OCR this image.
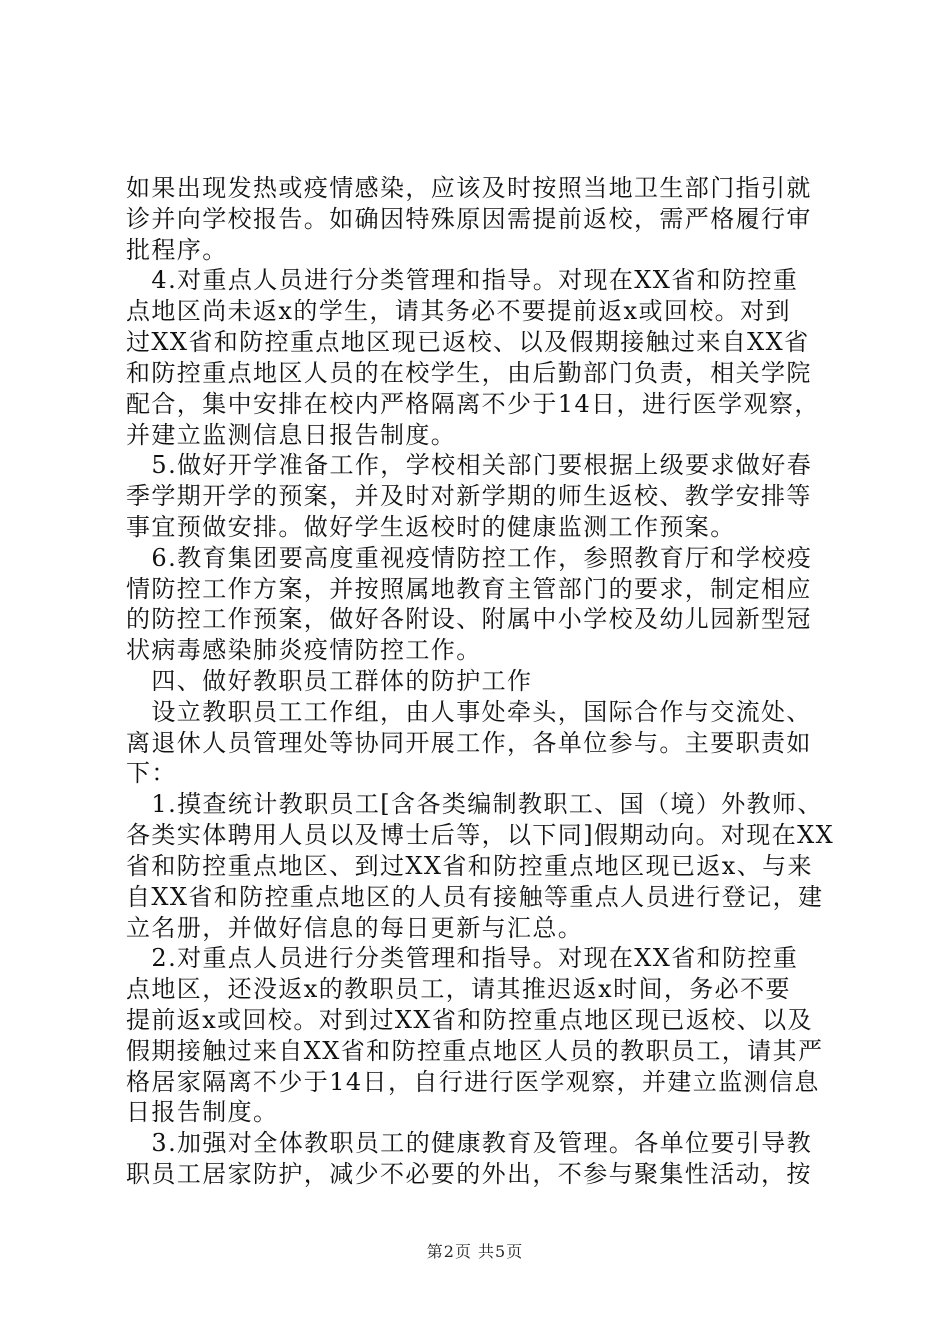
如果出现发热或疫情感染，应该及时按照当地卫生部门指引就
诊并向学校报告。如确因特殊原因需提前返校，需严格履行审
批程序。
　4.对重点人员进行分类管理和指导。对现在XX省和防控重
点地区尚未返x的学生，请其务必不要提前返x或回校。对到
过XX省和防控重点地区现已返校、以及假期接触过来自XX省
和防控重点地区人员的在校学生，由后勤部门负责，相关学院
配合，集中安排在校内严格隔离不少于14日，进行医学观察，
并建立监测信息日报告制度。
　5.做好开学准备工作，学校相关部门要根据上级要求做好春
季学期开学的预案，并及时对新学期的师生返校、教学安排等
事宜预做安排。做好学生返校时的健康监测工作预案。
　6.教育集团要高度重视疫情防控工作，参照教育厅和学校疫
情防控工作方案，并按照属地教育主管部门的要求，制定相应
的防控工作预案，做好各附设、附属中小学校及幼儿园新型冠
状病毒感染肺炎疫情防控工作。
　四、做好教职员工群体的防护工作
　设立教职员工工作组，由人事处牵头，国际合作与交流处、
离退休人员管理处等协同开展工作，各单位参与。主要职责如
下：
　1.摸查统计教职员工[含各类编制教职工、国（境）外教师、
各类实体聘用人员以及博士后等，以下同]假期动向。对现在XX
省和防控重点地区、到过XX省和防控重点地区现已返x、与来
自XX省和防控重点地区的人员有接触等重点人员进行登记，建
立名册，并做好信息的每日更新与汇总。
　2.对重点人员进行分类管理和指导。对现在XX省和防控重
点地区，还没返x的教职员工，请其推迟返x时间，务必不要
提前返x或回校。对到过XX省和防控重点地区现已返校、以及
假期接触过来自XX省和防控重点地区人员的教职员工，请其严
格居家隔离不少于14日，自行进行医学观察，并建立监测信息
日报告制度。
　3.加强对全体教职员工的健康教育及管理。各单位要引导教
职员工居家防护，减少不必要的外出，不参与聚集性活动，按
第2页 共5页
